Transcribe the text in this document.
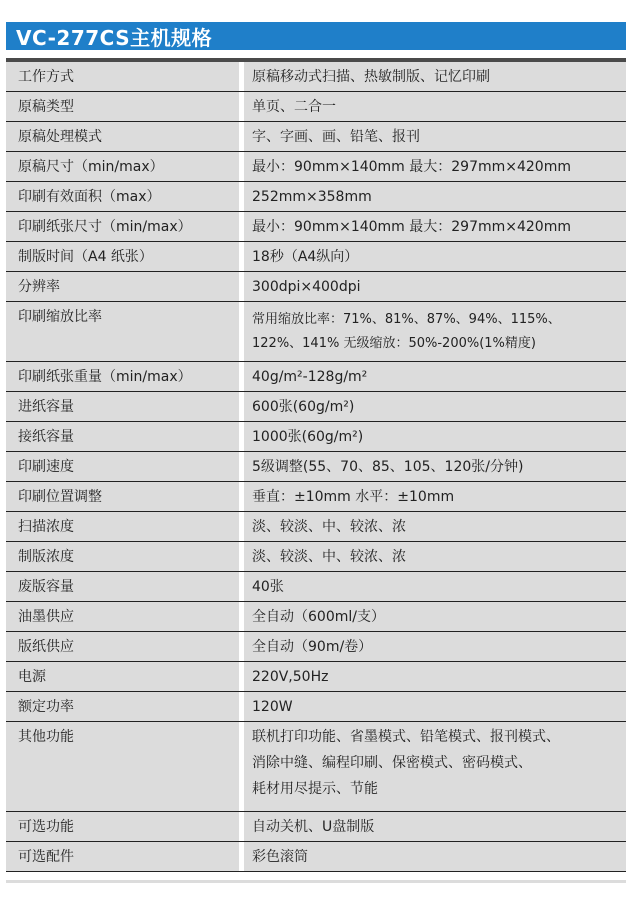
VC-277CS主机规格
工作方式	原稿移动式扫描、热敏制版、记忆印刷
原稿类型	单页、二合一
原稿处理模式	字、字画、画、铅笔、报刊
原稿尺寸（min/max）	最小：90mm×140mm 最大：297mm×420mm
印刷有效面积（max）	252mm×358mm
印刷纸张尺寸（min/max）	最小：90mm×140mm 最大：297mm×420mm
制版时间（A4 纸张）	18秒（A4纵向）
分辨率	300dpi×400dpi
印刷缩放比率	常用缩放比率：71%、81%、87%、94%、115%、
122%、141% 无级缩放：50%-200%(1%精度)
印刷纸张重量（min/max）	40g/m²-128g/m²
进纸容量	600张(60g/m²)
接纸容量	1000张(60g/m²)
印刷速度	5级调整(55、70、85、105、120张/分钟)
印刷位置调整	垂直：±10mm 水平：±10mm
扫描浓度	淡、较淡、中、较浓、浓
制版浓度	淡、较淡、中、较浓、浓
废版容量	40张
油墨供应	全自动（600ml/支）
版纸供应	全自动（90m/卷）
电源	220V,50Hz
额定功率	120W
其他功能	联机打印功能、省墨模式、铅笔模式、报刊模式、
消除中缝、编程印刷、保密模式、密码模式、
耗材用尽提示、节能
可选功能	自动关机、U盘制版
可选配件	彩色滚筒
